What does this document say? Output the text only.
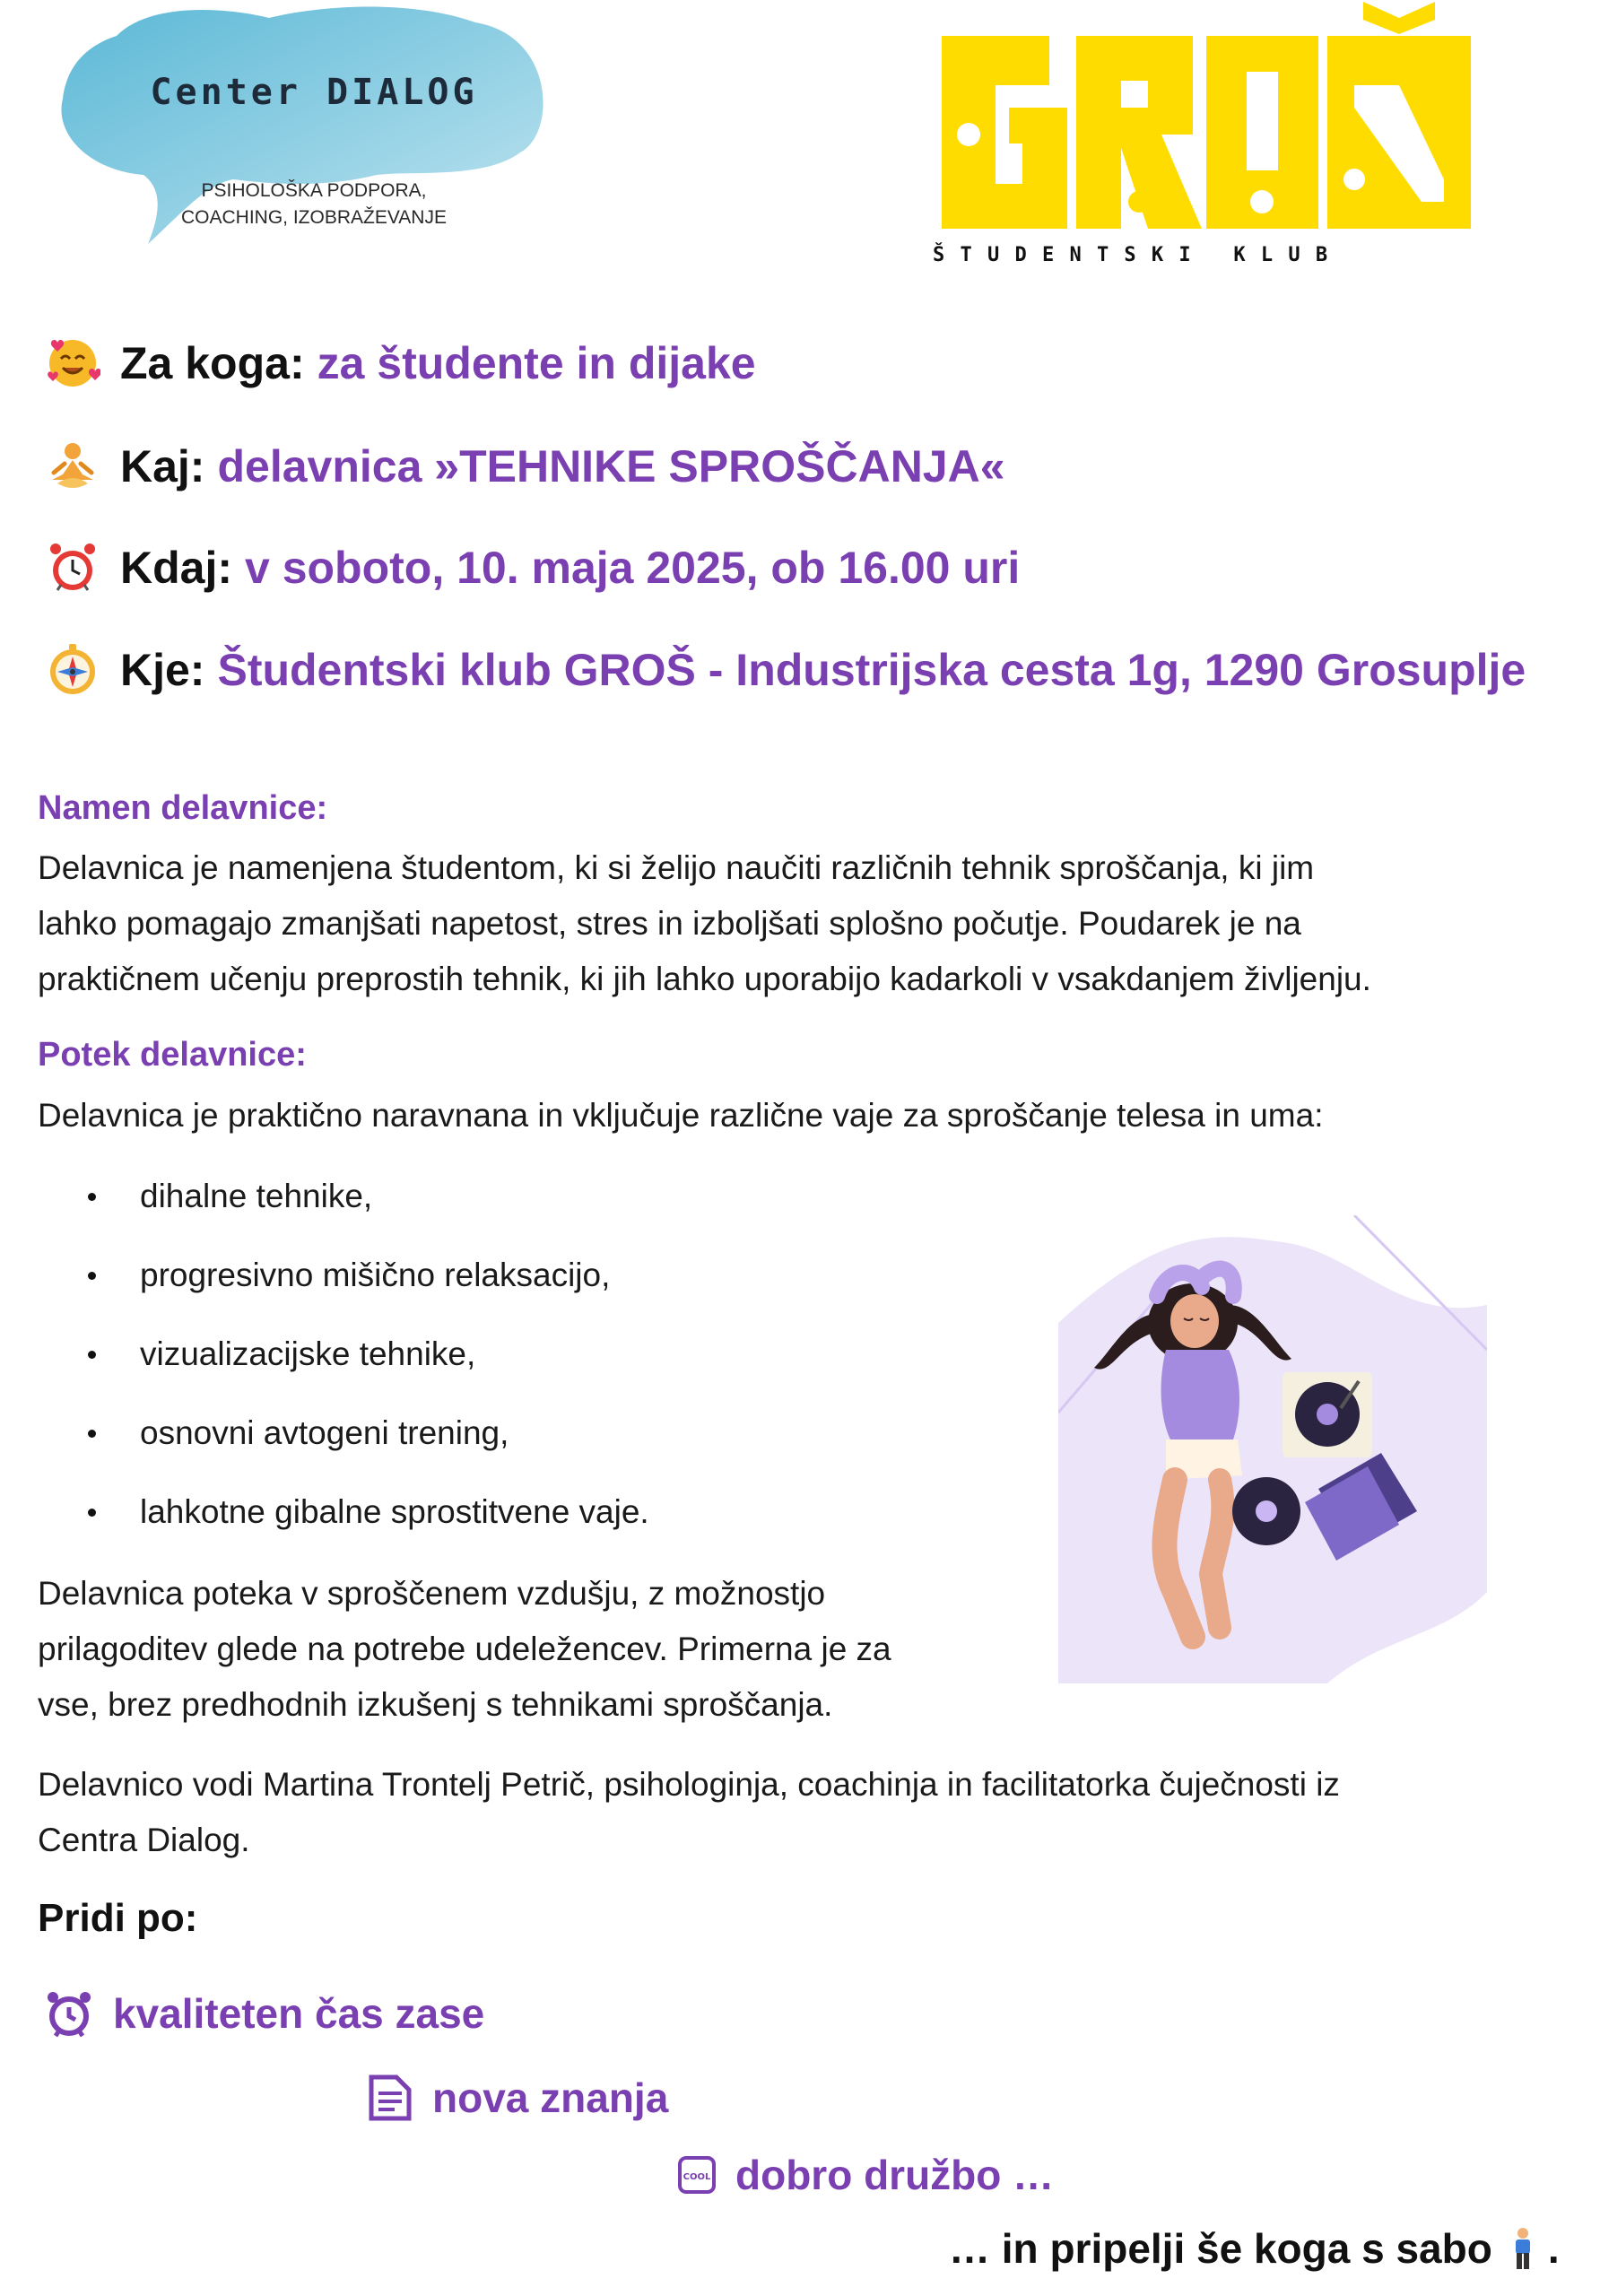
Center DIALOG
PSIHOLOŠKA PODPORA,
COACHING, IZOBRAŽEVANJE
Š T U D E N T S K I   K L U B
Za koga: za študente in dijake
Kaj: delavnica »TEHNIKE SPROŠČANJA«
Kdaj: v soboto, 10. maja 2025, ob 16.00 uri
Kje: Študentski klub GROŠ - Industrijska cesta 1g, 1290 Grosuplje
Namen delavnice:
Delavnica je namenjena študentom, ki si želijo naučiti različnih tehnik sproščanja, ki jim
lahko pomagajo zmanjšati napetost, stres in izboljšati splošno počutje. Poudarek je na
praktičnem učenju preprostih tehnik, ki jih lahko uporabijo kadarkoli v vsakdanjem življenju.
Potek delavnice:
Delavnica je praktično naravnana in vključuje različne vaje za sproščanje telesa in uma:
dihalne tehnike,
progresivno mišično relaksacijo,
vizualizacijske tehnike,
osnovni avtogeni trening,
lahkotne gibalne sprostitvene vaje.
Delavnica poteka v sproščenem vzdušju, z možnostjo
prilagoditev glede na potrebe udeležencev. Primerna je za
vse, brez predhodnih izkušenj s tehnikami sproščanja.
Delavnico vodi Martina Trontelj Petrič, psihologinja, coachinja in facilitatorka čuječnosti iz
Centra Dialog.
Pridi po:
kvaliteten čas zase
nova znanja
COOL dobro družbo …
… in pripelji še koga s sabo .
